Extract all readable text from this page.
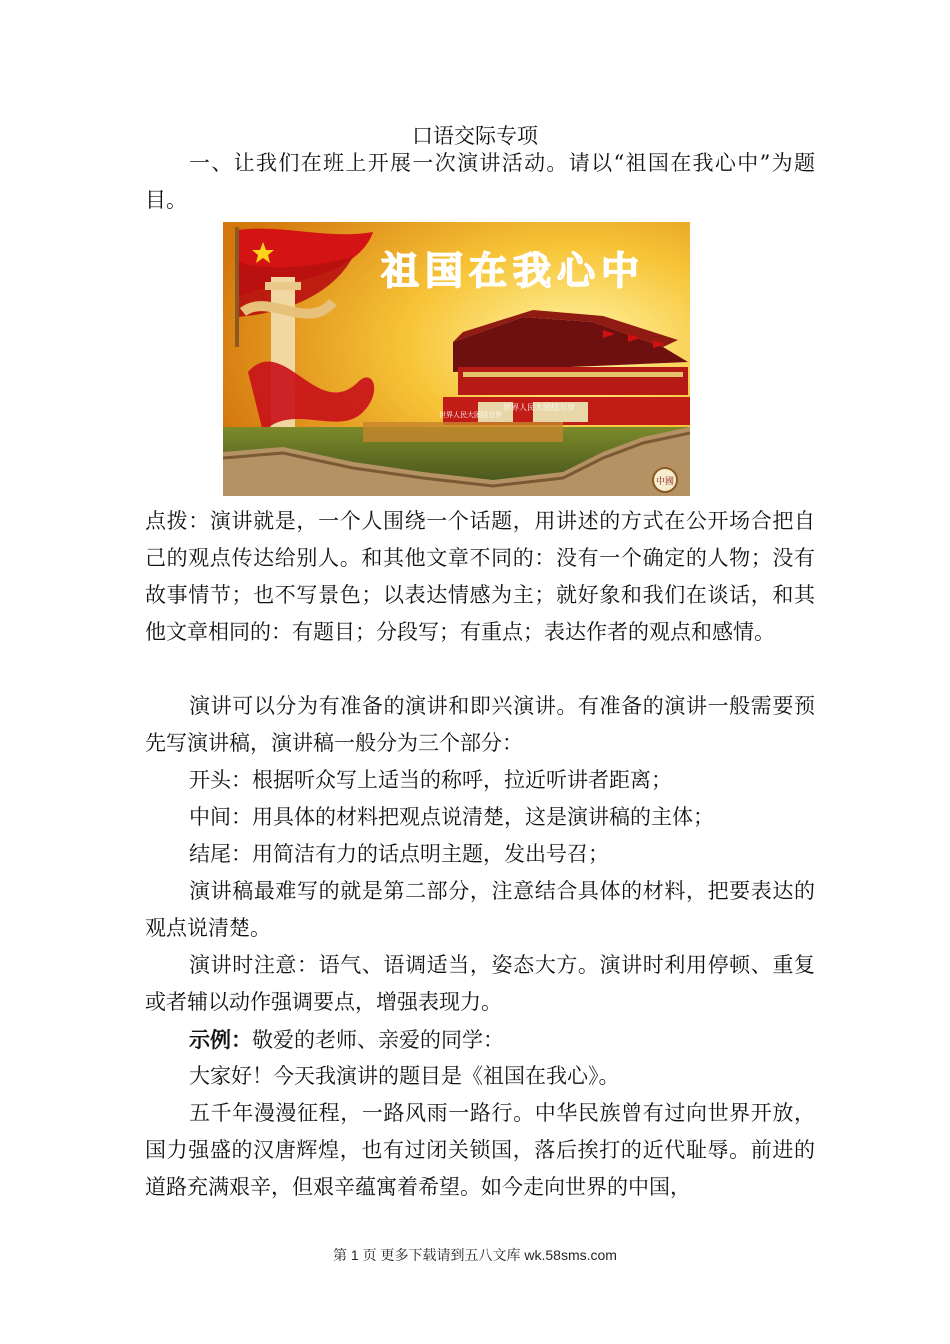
口语交际专项

一、让我们在班上开展一次演讲活动。请以“祖国在我心中”为题目。

祖国在我心中
世界人民大团结万岁
世界人民大团结万岁
中國

点拨：演讲就是，一个人围绕一个话题，用讲述的方式在公开场合把自己的观点传达给别人。和其他文章不同的：没有一个确定的人物；没有故事情节；也不写景色；以表达情感为主；就好象和我们在谈话，和其他文章相同的：有题目；分段写；有重点；表达作者的观点和感情。

演讲可以分为有准备的演讲和即兴演讲。有准备的演讲一般需要预先写演讲稿，演讲稿一般分为三个部分：

开头：根据听众写上适当的称呼，拉近听讲者距离；

中间：用具体的材料把观点说清楚，这是演讲稿的主体；

结尾：用简洁有力的话点明主题，发出号召；

演讲稿最难写的就是第二部分，注意结合具体的材料，把要表达的观点说清楚。

演讲时注意：语气、语调适当，姿态大方。演讲时利用停顿、重复或者辅以动作强调要点，增强表现力。

示例：敬爱的老师、亲爱的同学：

大家好！今天我演讲的题目是《祖国在我心》。

五千年漫漫征程，一路风雨一路行。中华民族曾有过向世界开放，国力强盛的汉唐辉煌，也有过闭关锁国，落后挨打的近代耻辱。前进的道路充满艰辛，但艰辛蕴寓着希望。如今走向世界的中国，

第 1 页 更多下载请到五八文库 wk.58sms.com
